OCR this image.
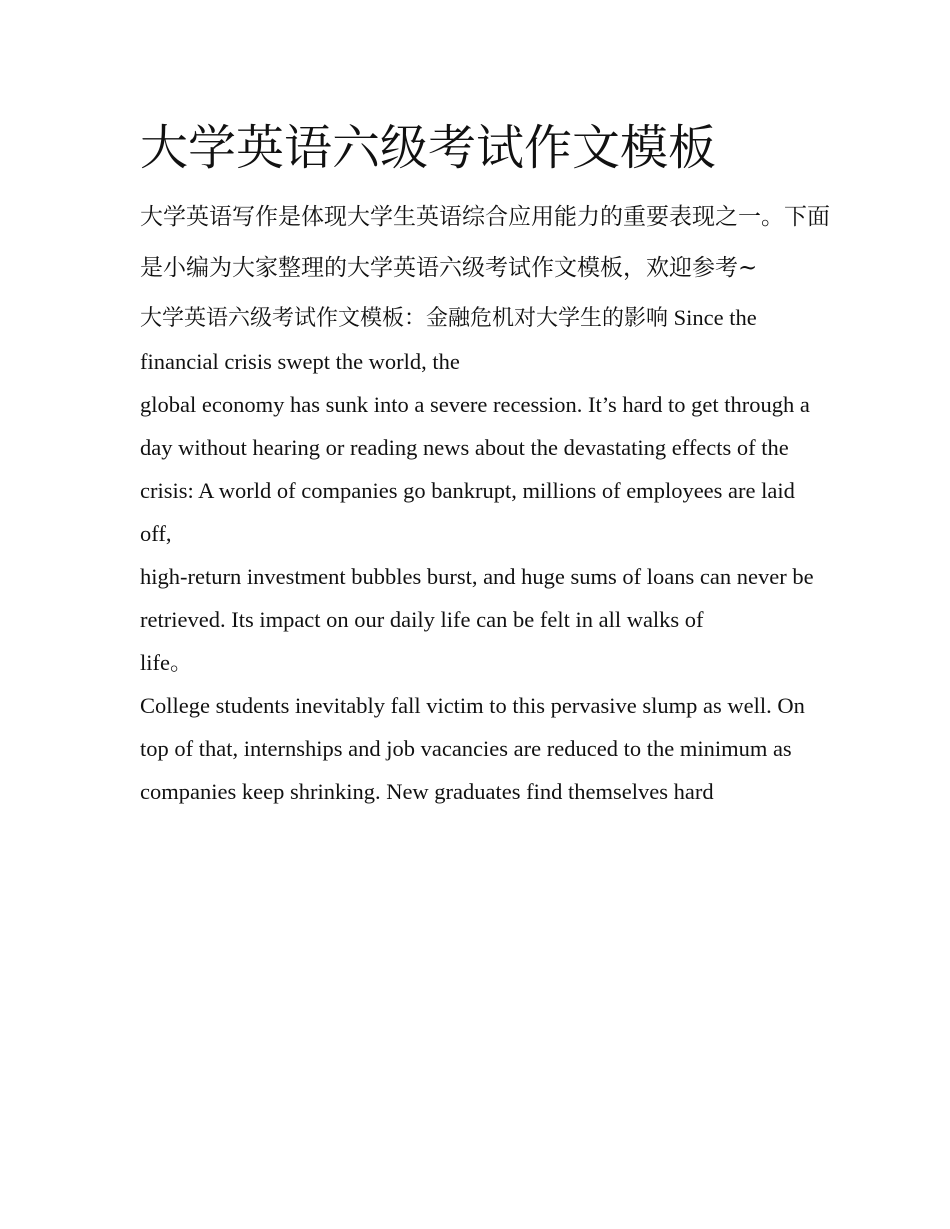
大学英语六级考试作文模板

大学英语写作是体现大学生英语综合应用能力的重要表现之一。下面是小编为大家整理的大学英语六级考试作文模板，欢迎参考~

大学英语六级考试作文模板：金融危机对大学生的影响 Since the financial crisis swept the world, the

global economy has sunk into a severe recession. It’s hard to get through a

day without hearing or reading news about the devastating effects of the

crisis: A world of companies go bankrupt, millions of employees are laid off,

high-return investment bubbles burst, and huge sums of loans can never be

retrieved. Its impact on our daily life can be felt in all walks of

life。

College students inevitably fall victim to this pervasive slump as well. On

top of that, internships and job vacancies are reduced to the minimum as

companies keep shrinking. New graduates find themselves hard
